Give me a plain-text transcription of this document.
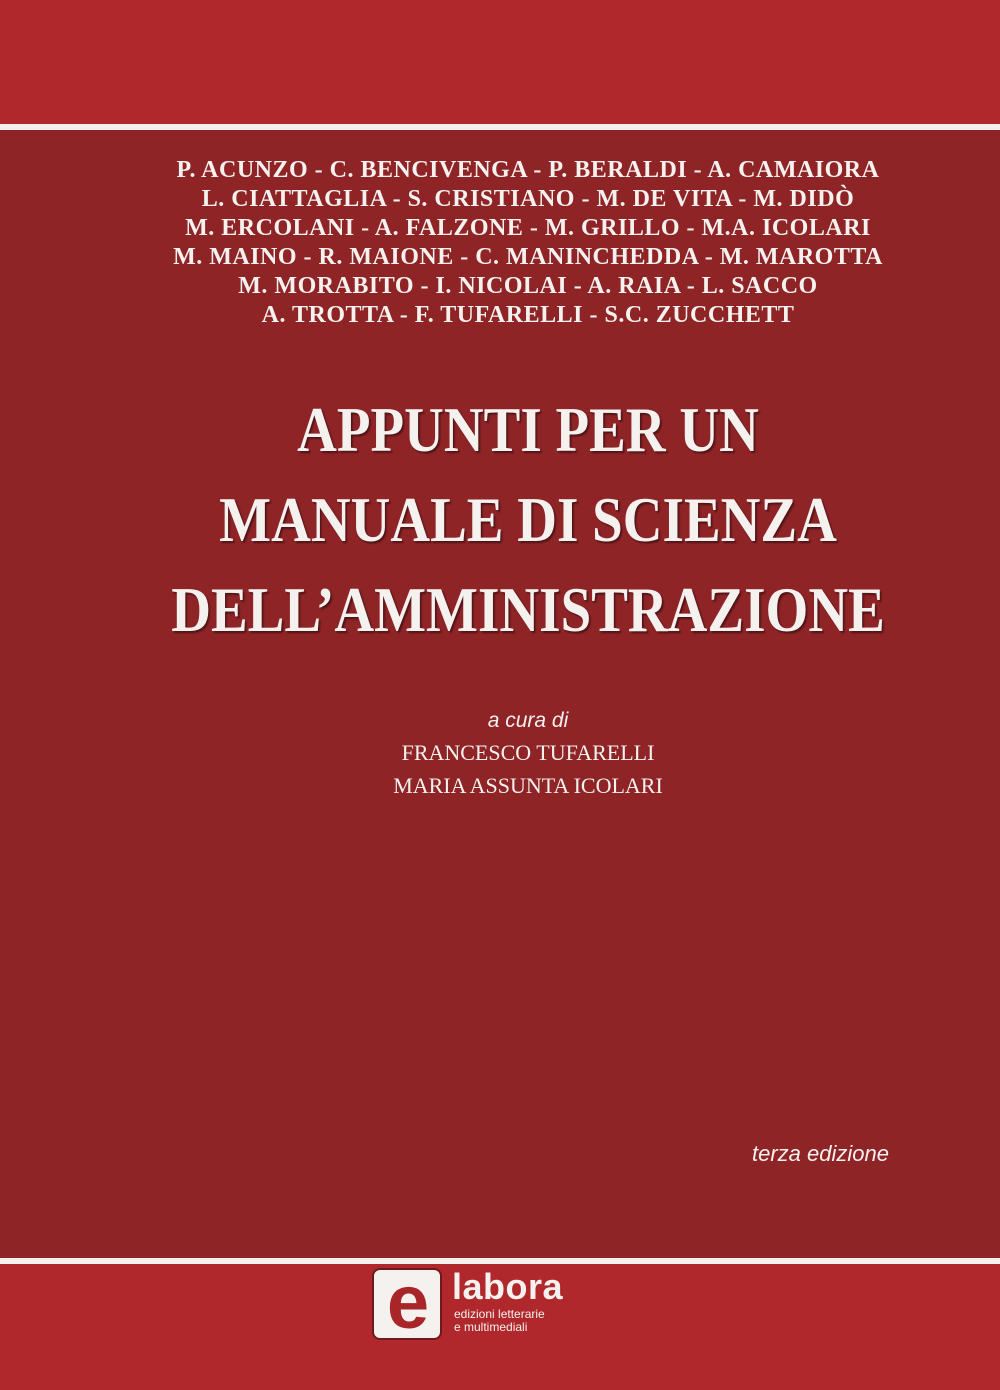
P. ACUNZO - C. BENCIVENGA - P. BERALDI - A. CAMAIORA
L. CIATTAGLIA - S. CRISTIANO - M. DE VITA - M. DIDÒ
M. ERCOLANI - A. FALZONE - M. GRILLO - M.A. ICOLARI
M. MAINO - R. MAIONE - C. MANINCHEDDA - M. MAROTTA
M. MORABITO - I. NICOLAI - A. RAIA - L. SACCO
A. TROTTA - F. TUFARELLI - S.C. ZUCCHETT
APPUNTI PER UN
MANUALE DI SCIENZA
DELL’AMMINISTRAZIONE
a cura di
FRANCESCO TUFARELLI
MARIA ASSUNTA ICOLARI
terza edizione
e labora
edizioni letterarie
e multimediali
